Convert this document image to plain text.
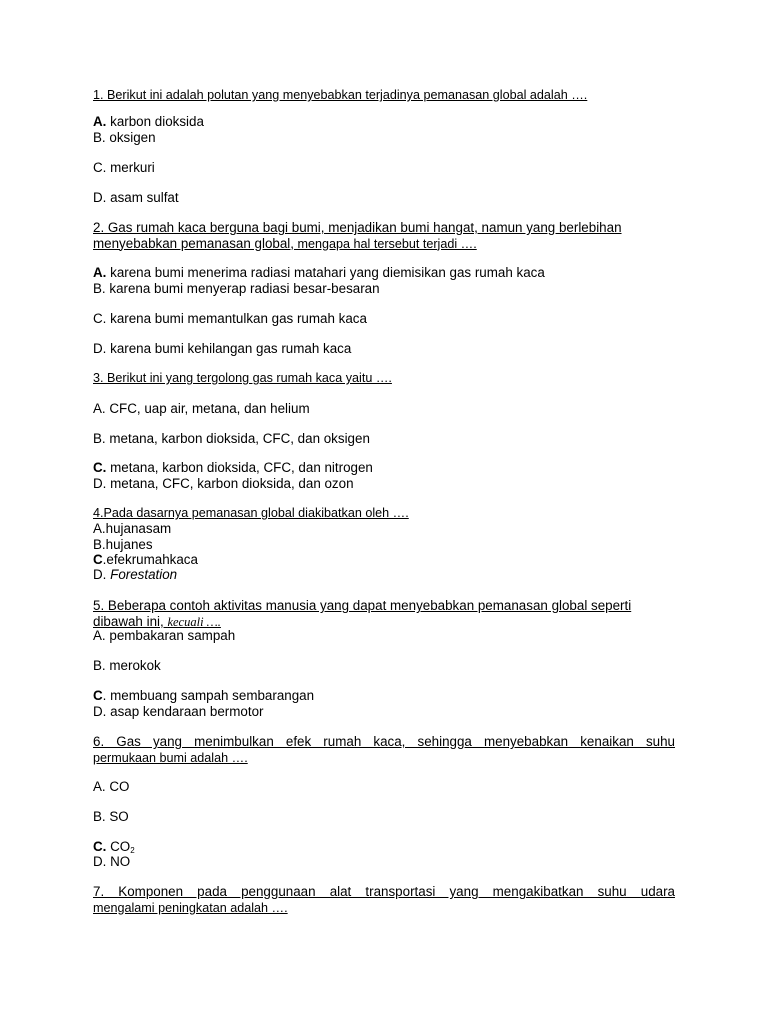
1. Berikut ini adalah polutan yang menyebabkan terjadinya pemanasan global adalah ….
A. karbon dioksida
B. oksigen
C. merkuri
D. asam sulfat
2. Gas rumah kaca berguna bagi bumi, menjadikan bumi hangat, namun yang berlebihan menyebabkan pemanasan global, mengapa hal tersebut terjadi ….
A. karena bumi menerima radiasi matahari yang diemisikan gas rumah kaca
B. karena bumi menyerap radiasi besar-besaran
C. karena bumi memantulkan gas rumah kaca
D. karena bumi kehilangan gas rumah kaca
3. Berikut ini yang tergolong gas rumah kaca yaitu ….
A. CFC, uap air, metana, dan helium
B. metana, karbon dioksida, CFC, dan oksigen
C. metana, karbon dioksida, CFC, dan nitrogen
D. metana, CFC, karbon dioksida, dan ozon
4.Pada dasarnya pemanasan global diakibatkan oleh ….
A.hujanasam
B.hujanes
C.efekrumahkaca
D. Forestation
5. Beberapa contoh aktivitas manusia yang dapat menyebabkan pemanasan global seperti dibawah ini, kecuali ….
A. pembakaran sampah
B. merokok
C. membuang sampah sembarangan
D. asap kendaraan bermotor
6. Gas yang menimbulkan efek rumah kaca, sehingga menyebabkan kenaikan suhu
permukaan bumi adalah ….
A. CO
B. SO
C. $CO_2$
D. NO
7. Komponen pada penggunaan alat transportasi yang mengakibatkan suhu udara
mengalami peningkatan adalah ….
